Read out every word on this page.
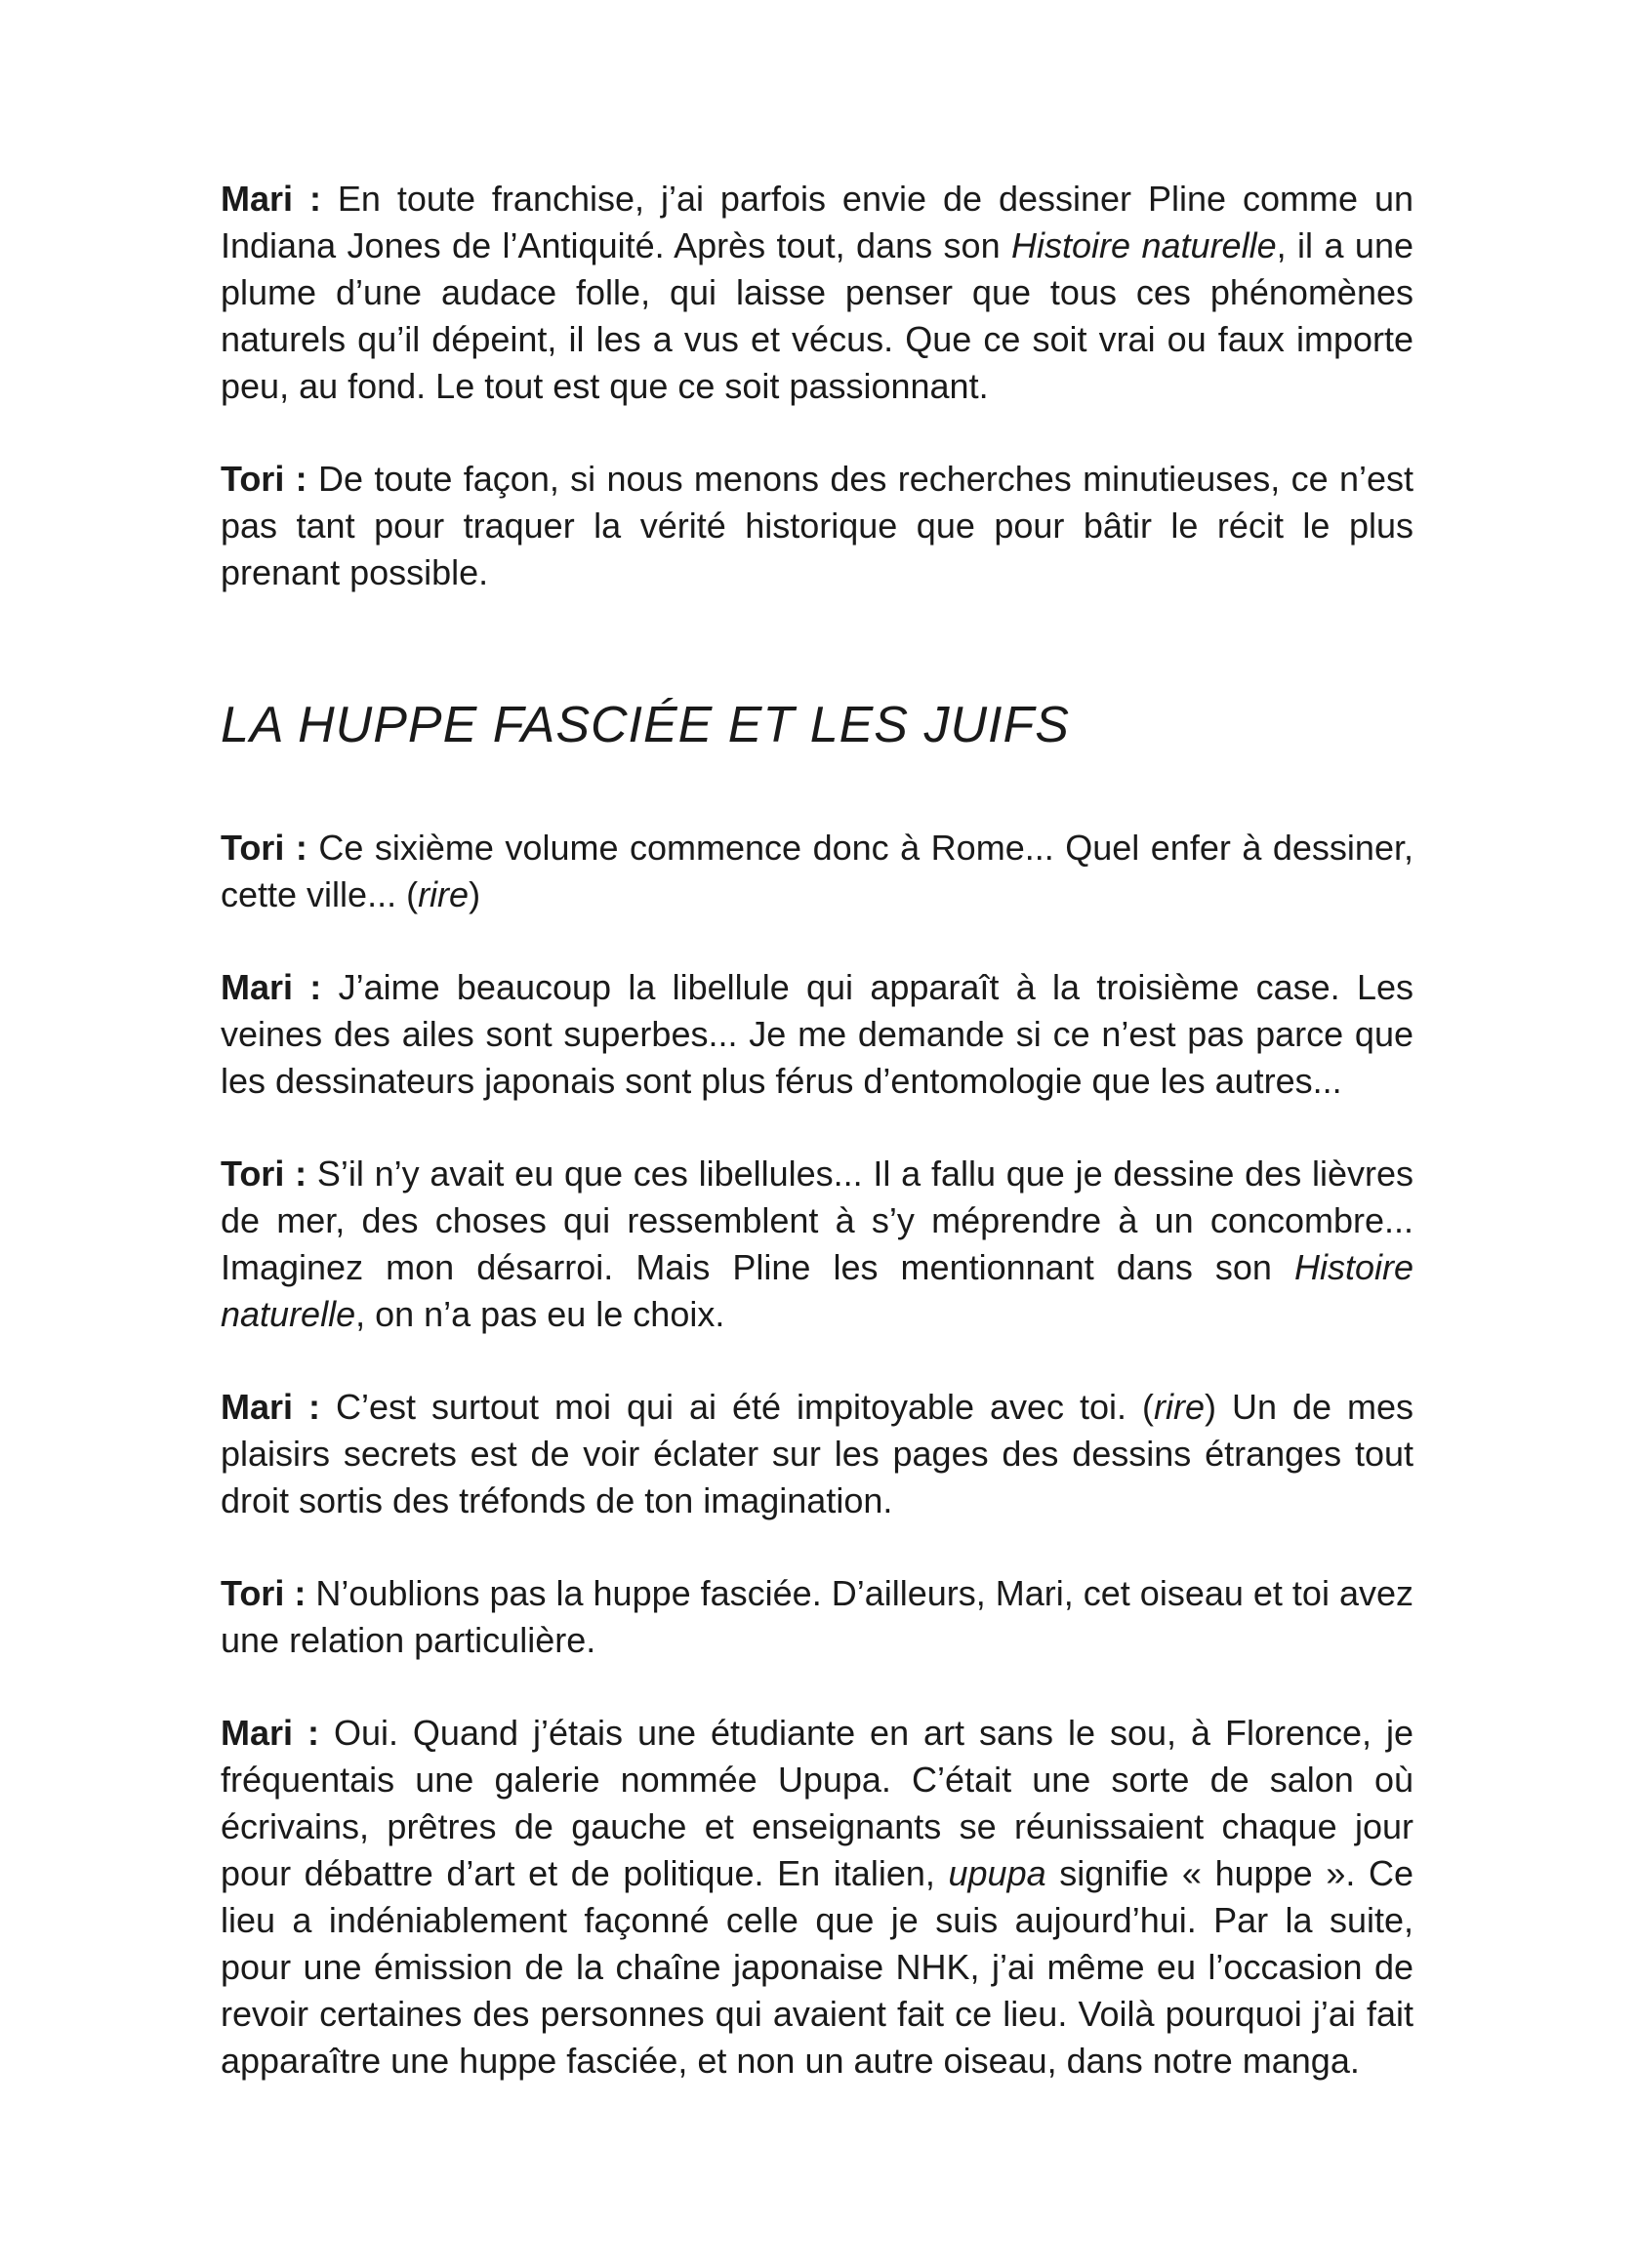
Mari : En toute franchise, j’ai parfois envie de dessiner Pline comme un Indiana Jones de l’Antiquité. Après tout, dans son Histoire naturelle, il a une plume d’une audace folle, qui laisse penser que tous ces phénomènes naturels qu’il dépeint, il les a vus et vécus. Que ce soit vrai ou faux importe peu, au fond. Le tout est que ce soit passionnant.

Tori : De toute façon, si nous menons des recherches minutieuses, ce n’est pas tant pour traquer la vérité historique que pour bâtir le récit le plus prenant possible.

LA HUPPE FASCIÉE ET LES JUIFS

Tori : Ce sixième volume commence donc à Rome... Quel enfer à dessiner, cette ville... (rire)

Mari : J’aime beaucoup la libellule qui apparaît à la troisième case. Les veines des ailes sont superbes... Je me demande si ce n’est pas parce que les dessinateurs japonais sont plus férus d’entomologie que les autres...

Tori : S’il n’y avait eu que ces libellules... Il a fallu que je dessine des lièvres de mer, des choses qui ressemblent à s’y méprendre à un concombre... Imaginez mon désarroi. Mais Pline les mentionnant dans son Histoire naturelle, on n’a pas eu le choix.

Mari : C’est surtout moi qui ai été impitoyable avec toi. (rire) Un de mes plaisirs secrets est de voir éclater sur les pages des dessins étranges tout droit sortis des tréfonds de ton imagination.

Tori : N’oublions pas la huppe fasciée. D’ailleurs, Mari, cet oiseau et toi avez une relation particulière.

Mari : Oui. Quand j’étais une étudiante en art sans le sou, à Florence, je fréquentais une galerie nommée Upupa. C’était une sorte de salon où écrivains, prêtres de gauche et enseignants se réunissaient chaque jour pour débattre d’art et de politique. En italien, upupa signifie « huppe ». Ce lieu a indéniablement façonné celle que je suis aujourd’hui. Par la suite, pour une émission de la chaîne japonaise NHK, j’ai même eu l’occasion de revoir certaines des personnes qui avaient fait ce lieu. Voilà pourquoi j’ai fait apparaître une huppe fasciée, et non un autre oiseau, dans notre manga.
